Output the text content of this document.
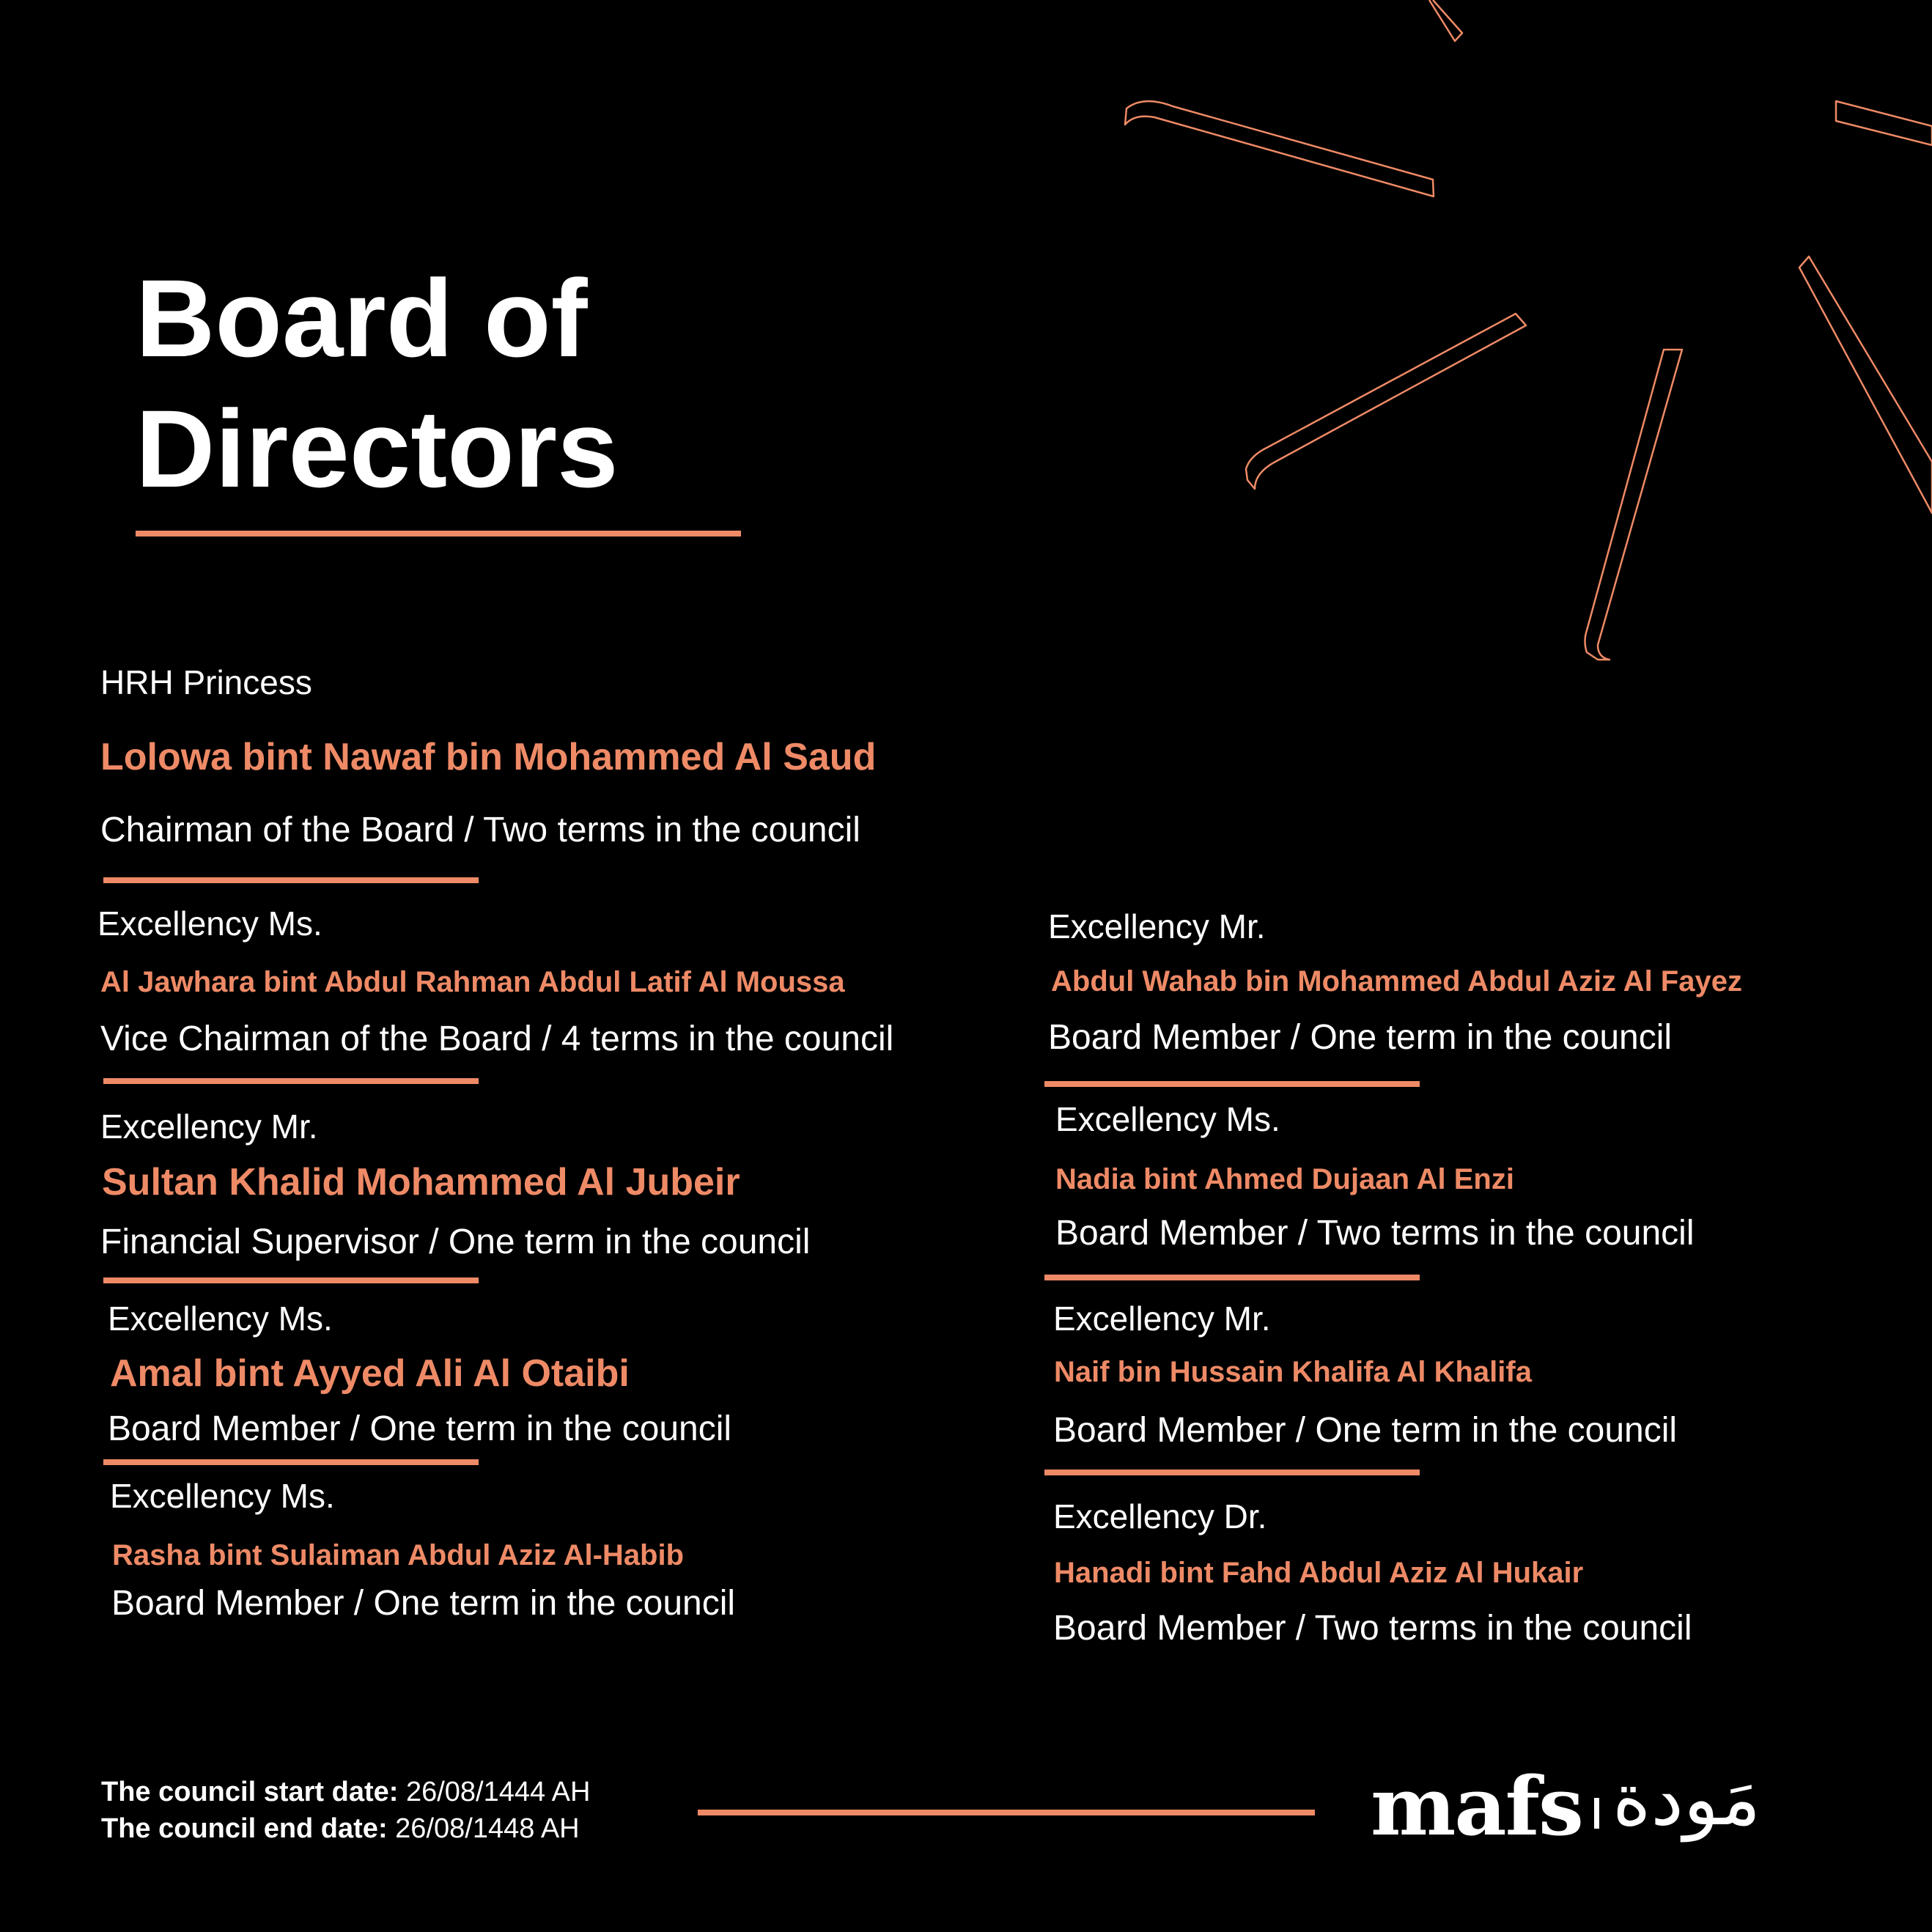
Board of
Directors
HRH Princess
Lolowa bint Nawaf bin Mohammed Al Saud
Chairman of the Board / Two terms in the council
Excellency Ms.
Al Jawhara bint Abdul Rahman Abdul Latif Al Moussa
Vice Chairman of the Board / 4 terms in the council
Excellency Mr.
Sultan Khalid Mohammed Al Jubeir
Financial Supervisor / One term in the council
Excellency Ms.
Amal bint Ayyed Ali Al Otaibi
Board Member / One term in the council
Excellency Ms.
Rasha bint Sulaiman Abdul Aziz Al-Habib
Board Member / One term in the council
Excellency Mr.
Abdul Wahab bin Mohammed Abdul Aziz Al Fayez
Board Member / One term in the council
Excellency Ms.
Nadia bint Ahmed Dujaan Al Enzi
Board Member / Two terms in the council
Excellency Mr.
Naif bin Hussain Khalifa Al Khalifa
Board Member / One term in the council
Excellency Dr.
Hanadi bint Fahd Abdul Aziz Al Hukair
Board Member / Two terms in the council
The council start date: 26/08/1444 AH
The council end date: 26/08/1448 AH	mafs مَودة
